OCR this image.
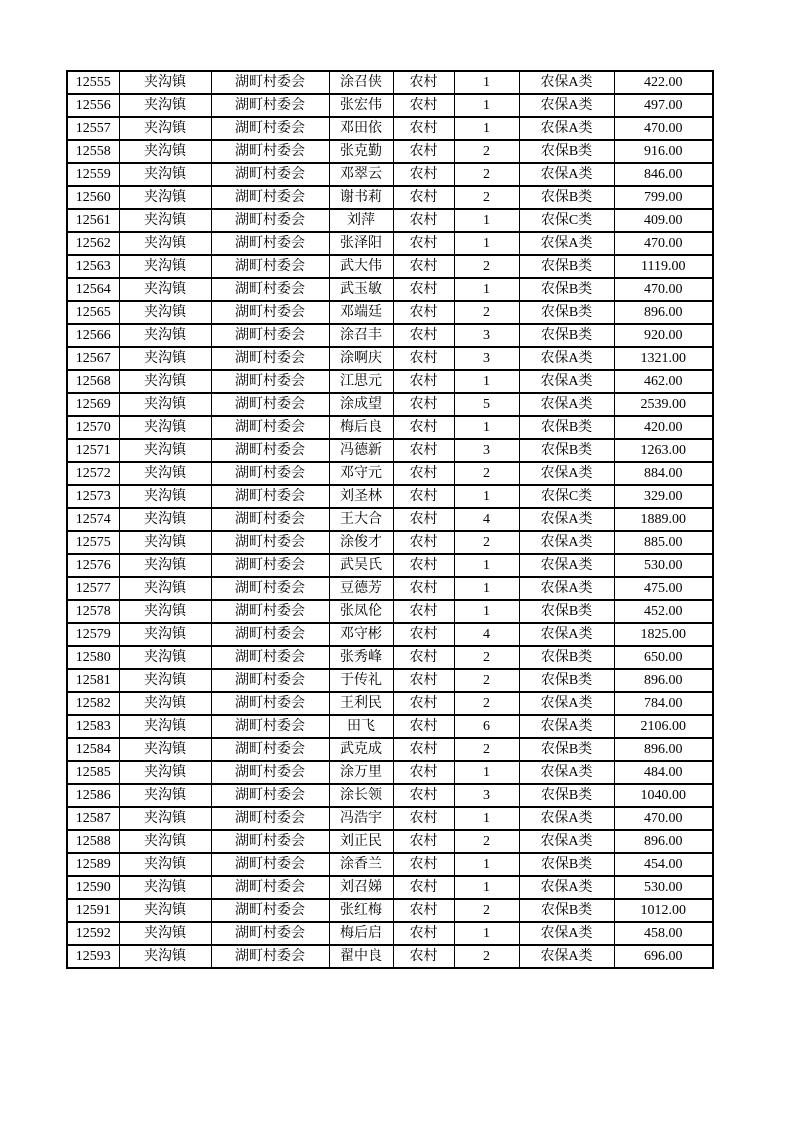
12555	夹沟镇	湖町村委会	涂召侠	农村	1	农保A类	422.00
12556	夹沟镇	湖町村委会	张宏伟	农村	1	农保A类	497.00
12557	夹沟镇	湖町村委会	邓田依	农村	1	农保A类	470.00
12558	夹沟镇	湖町村委会	张克勤	农村	2	农保B类	916.00
12559	夹沟镇	湖町村委会	邓翠云	农村	2	农保A类	846.00
12560	夹沟镇	湖町村委会	谢书莉	农村	2	农保B类	799.00
12561	夹沟镇	湖町村委会	刘萍	农村	1	农保C类	409.00
12562	夹沟镇	湖町村委会	张泽阳	农村	1	农保A类	470.00
12563	夹沟镇	湖町村委会	武大伟	农村	2	农保B类	1119.00
12564	夹沟镇	湖町村委会	武玉敏	农村	1	农保B类	470.00
12565	夹沟镇	湖町村委会	邓端廷	农村	2	农保B类	896.00
12566	夹沟镇	湖町村委会	涂召丰	农村	3	农保B类	920.00
12567	夹沟镇	湖町村委会	涂啊庆	农村	3	农保A类	1321.00
12568	夹沟镇	湖町村委会	江思元	农村	1	农保A类	462.00
12569	夹沟镇	湖町村委会	涂成望	农村	5	农保A类	2539.00
12570	夹沟镇	湖町村委会	梅后良	农村	1	农保B类	420.00
12571	夹沟镇	湖町村委会	冯德新	农村	3	农保B类	1263.00
12572	夹沟镇	湖町村委会	邓守元	农村	2	农保A类	884.00
12573	夹沟镇	湖町村委会	刘圣林	农村	1	农保C类	329.00
12574	夹沟镇	湖町村委会	王大合	农村	4	农保A类	1889.00
12575	夹沟镇	湖町村委会	涂俊才	农村	2	农保A类	885.00
12576	夹沟镇	湖町村委会	武吴氏	农村	1	农保A类	530.00
12577	夹沟镇	湖町村委会	豆德芳	农村	1	农保A类	475.00
12578	夹沟镇	湖町村委会	张凤伦	农村	1	农保B类	452.00
12579	夹沟镇	湖町村委会	邓守彬	农村	4	农保A类	1825.00
12580	夹沟镇	湖町村委会	张秀峰	农村	2	农保B类	650.00
12581	夹沟镇	湖町村委会	于传礼	农村	2	农保B类	896.00
12582	夹沟镇	湖町村委会	王利民	农村	2	农保A类	784.00
12583	夹沟镇	湖町村委会	田飞	农村	6	农保A类	2106.00
12584	夹沟镇	湖町村委会	武克成	农村	2	农保B类	896.00
12585	夹沟镇	湖町村委会	涂万里	农村	1	农保A类	484.00
12586	夹沟镇	湖町村委会	涂长领	农村	3	农保B类	1040.00
12587	夹沟镇	湖町村委会	冯浩宇	农村	1	农保A类	470.00
12588	夹沟镇	湖町村委会	刘正民	农村	2	农保A类	896.00
12589	夹沟镇	湖町村委会	涂香兰	农村	1	农保B类	454.00
12590	夹沟镇	湖町村委会	刘召娣	农村	1	农保A类	530.00
12591	夹沟镇	湖町村委会	张红梅	农村	2	农保B类	1012.00
12592	夹沟镇	湖町村委会	梅后启	农村	1	农保A类	458.00
12593	夹沟镇	湖町村委会	翟中良	农村	2	农保A类	696.00
